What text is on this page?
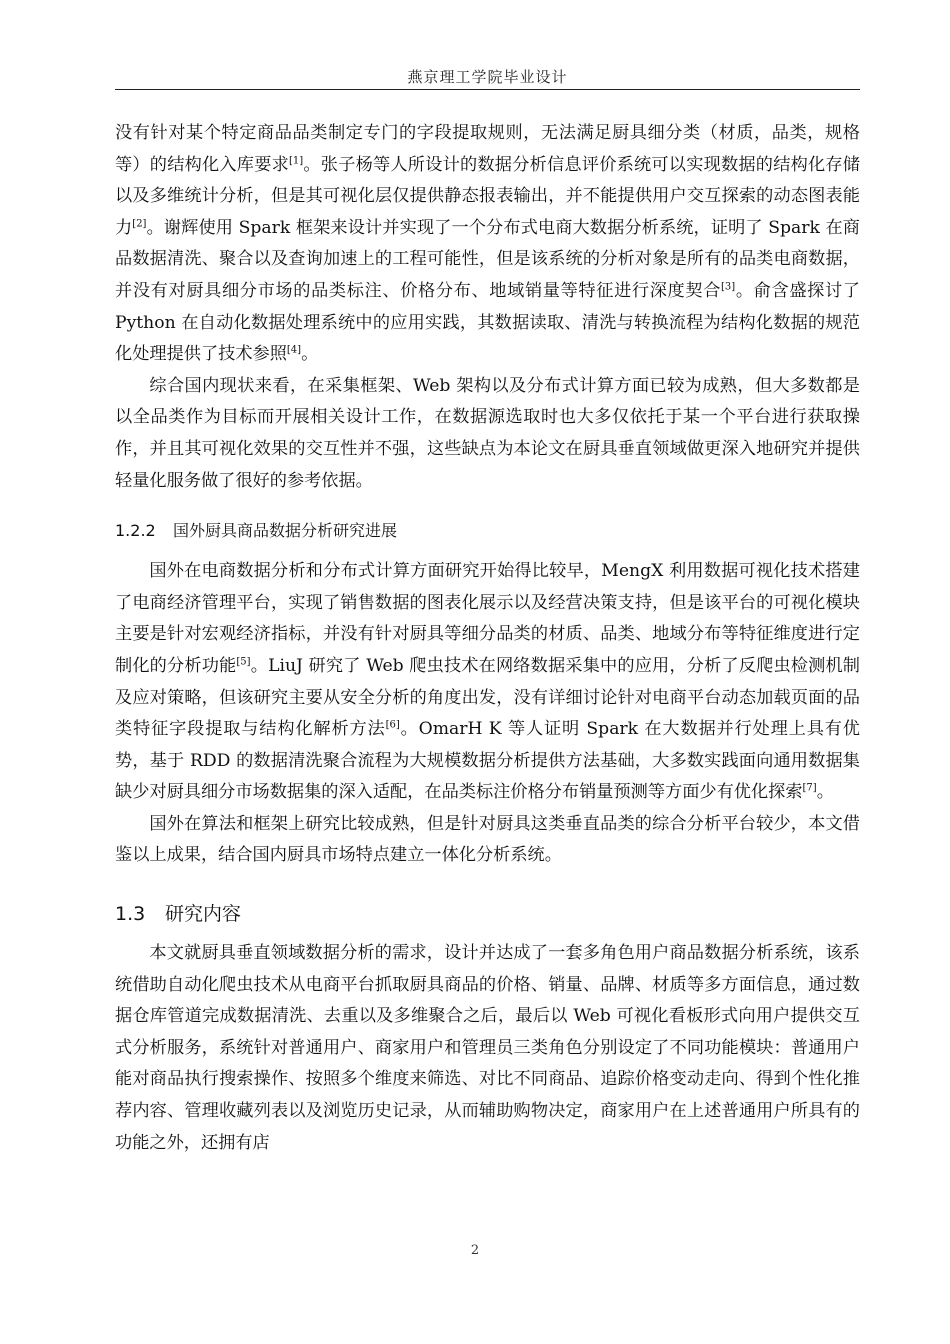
燕京理工学院毕业设计

没有针对某个特定商品品类制定专门的字段提取规则，无法满足厨具细分类（材质，品类，规格等）的结构化入库要求[1]。张子杨等人所设计的数据分析信息评价系统可以实现数据的结构化存储以及多维统计分析，但是其可视化层仅提供静态报表输出，并不能提供用户交互探索的动态图表能力[2]。谢辉使用 Spark 框架来设计并实现了一个分布式电商大数据分析系统，证明了 Spark 在商品数据清洗、聚合以及查询加速上的工程可能性，但是该系统的分析对象是所有的品类电商数据，并没有对厨具细分市场的品类标注、价格分布、地域销量等特征进行深度契合[3]。俞含盛探讨了 Python 在自动化数据处理系统中的应用实践，其数据读取、清洗与转换流程为结构化数据的规范化处理提供了技术参照[4]。

综合国内现状来看，在采集框架、Web 架构以及分布式计算方面已较为成熟，但大多数都是以全品类作为目标而开展相关设计工作，在数据源选取时也大多仅依托于某一个平台进行获取操作，并且其可视化效果的交互性并不强，这些缺点为本论文在厨具垂直领域做更深入地研究并提供轻量化服务做了很好的参考依据。

1.2.2 国外厨具商品数据分析研究进展

国外在电商数据分析和分布式计算方面研究开始得比较早，MengX 利用数据可视化技术搭建了电商经济管理平台，实现了销售数据的图表化展示以及经营决策支持，但是该平台的可视化模块主要是针对宏观经济指标，并没有针对厨具等细分品类的材质、品类、地域分布等特征维度进行定制化的分析功能[5]。LiuJ 研究了 Web 爬虫技术在网络数据采集中的应用，分析了反爬虫检测机制及应对策略，但该研究主要从安全分析的角度出发，没有详细讨论针对电商平台动态加载页面的品类特征字段提取与结构化解析方法[6]。OmarH K 等人证明 Spark 在大数据并行处理上具有优势，基于 RDD 的数据清洗聚合流程为大规模数据分析提供方法基础，大多数实践面向通用数据集缺少对厨具细分市场数据集的深入适配，在品类标注价格分布销量预测等方面少有优化探索[7]。

国外在算法和框架上研究比较成熟，但是针对厨具这类垂直品类的综合分析平台较少，本文借鉴以上成果，结合国内厨具市场特点建立一体化分析系统。

1.3 研究内容

本文就厨具垂直领域数据分析的需求，设计并达成了一套多角色用户商品数据分析系统，该系统借助自动化爬虫技术从电商平台抓取厨具商品的价格、销量、品牌、材质等多方面信息，通过数据仓库管道完成数据清洗、去重以及多维聚合之后，最后以 Web 可视化看板形式向用户提供交互式分析服务，系统针对普通用户、商家用户和管理员三类角色分别设定了不同功能模块：普通用户能对商品执行搜索操作、按照多个维度来筛选、对比不同商品、追踪价格变动走向、得到个性化推荐内容、管理收藏列表以及浏览历史记录，从而辅助购物决定，商家用户在上述普通用户所具有的功能之外，还拥有店

2
